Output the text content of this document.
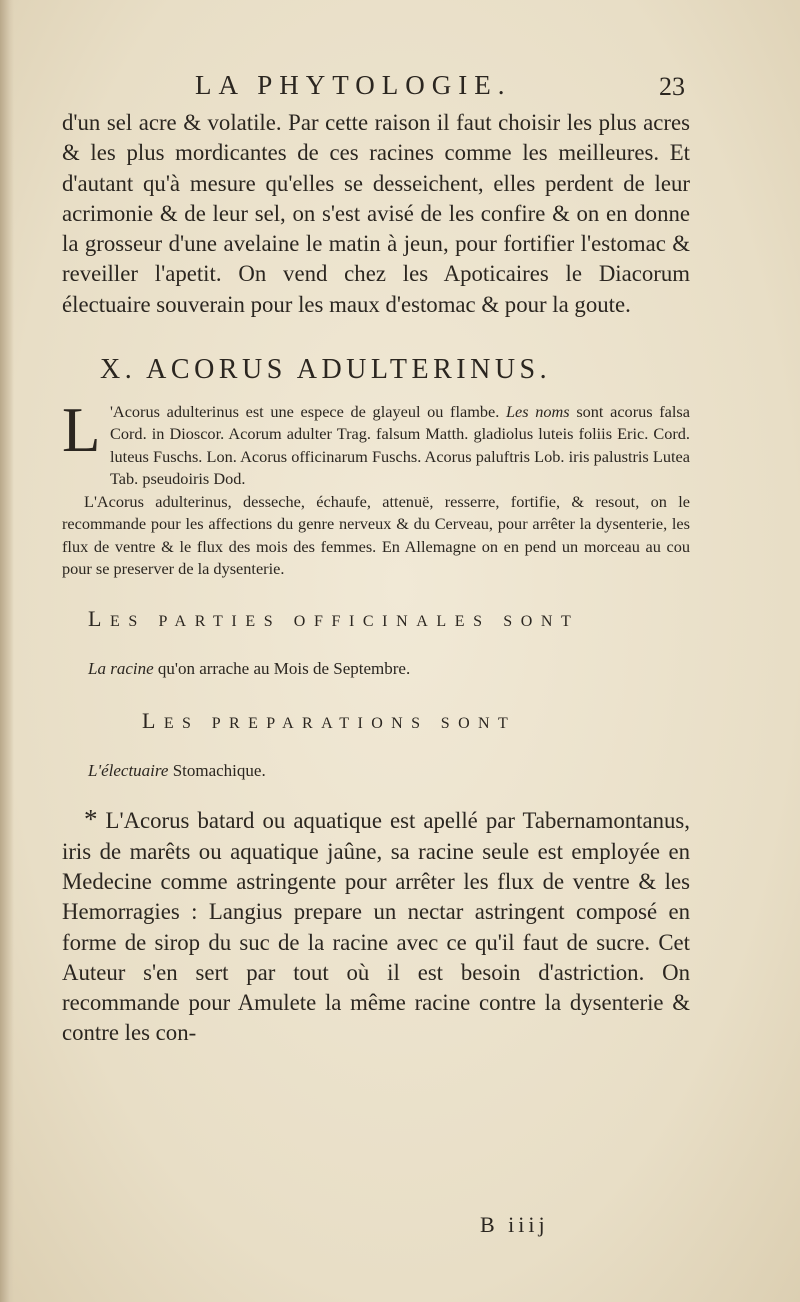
LA PHYTOLOGIE.	23

d'un sel acre & volatile. Par cette raison il faut choisir les plus acres & les plus mordicantes de ces racines comme les meilleures. Et d'autant qu'à mesure qu'elles se desseichent, elles perdent de leur acrimonie & de leur sel, on s'est avisé de les confire & on en donne la grosseur d'une avelaine le matin à jeun, pour fortifier l'estomac & reveiller l'apetit. On vend chez les Apoticaires le Diacorum électuaire souverain pour les maux d'estomac & pour la goute.

X. ACORUS ADULTERINUS.
L 'Acorus adulterinus est une espece de glayeul ou flambe. Les noms sont acorus falsa Cord. in Dioscor. Acorum adulter Trag. falsum Matth. gladiolus luteis foliis Eric. Cord. luteus Fuschs. Lon. Acorus officinarum Fuschs. Acorus paluftris Lob. iris palustris Lutea Tab. pseudoiris Dod.

L'Acorus adulterinus, desseche, échaufe, attenuë, resserre, fortifie, & resout, on le recommande pour les affections du genre nerveux & du Cerveau, pour arrêter la dysenterie, les flux de ventre & le flux des mois des femmes. En Allemagne on en pend un morceau au cou pour se preserver de la dysenterie.

LES PARTIES OFFICINALES SONT
La racine qu'on arrache au Mois de Septembre.
LES PREPARATIONS SONT
L'électuaire Stomachique.

* L'Acorus batard ou aquatique est apellé par Tabernamontanus, iris de marêts ou aquatique jaûne, sa racine seule est employée en Medecine comme astringente pour arrêter les flux de ventre & les Hemorragies : Langius prepare un nectar astringent composé en forme de sirop du suc de la racine avec ce qu'il faut de sucre. Cet Auteur s'en sert par tout où il est besoin d'astriction. On recommande pour Amulete la même racine contre la dysenterie & contre les con-

B iiij
